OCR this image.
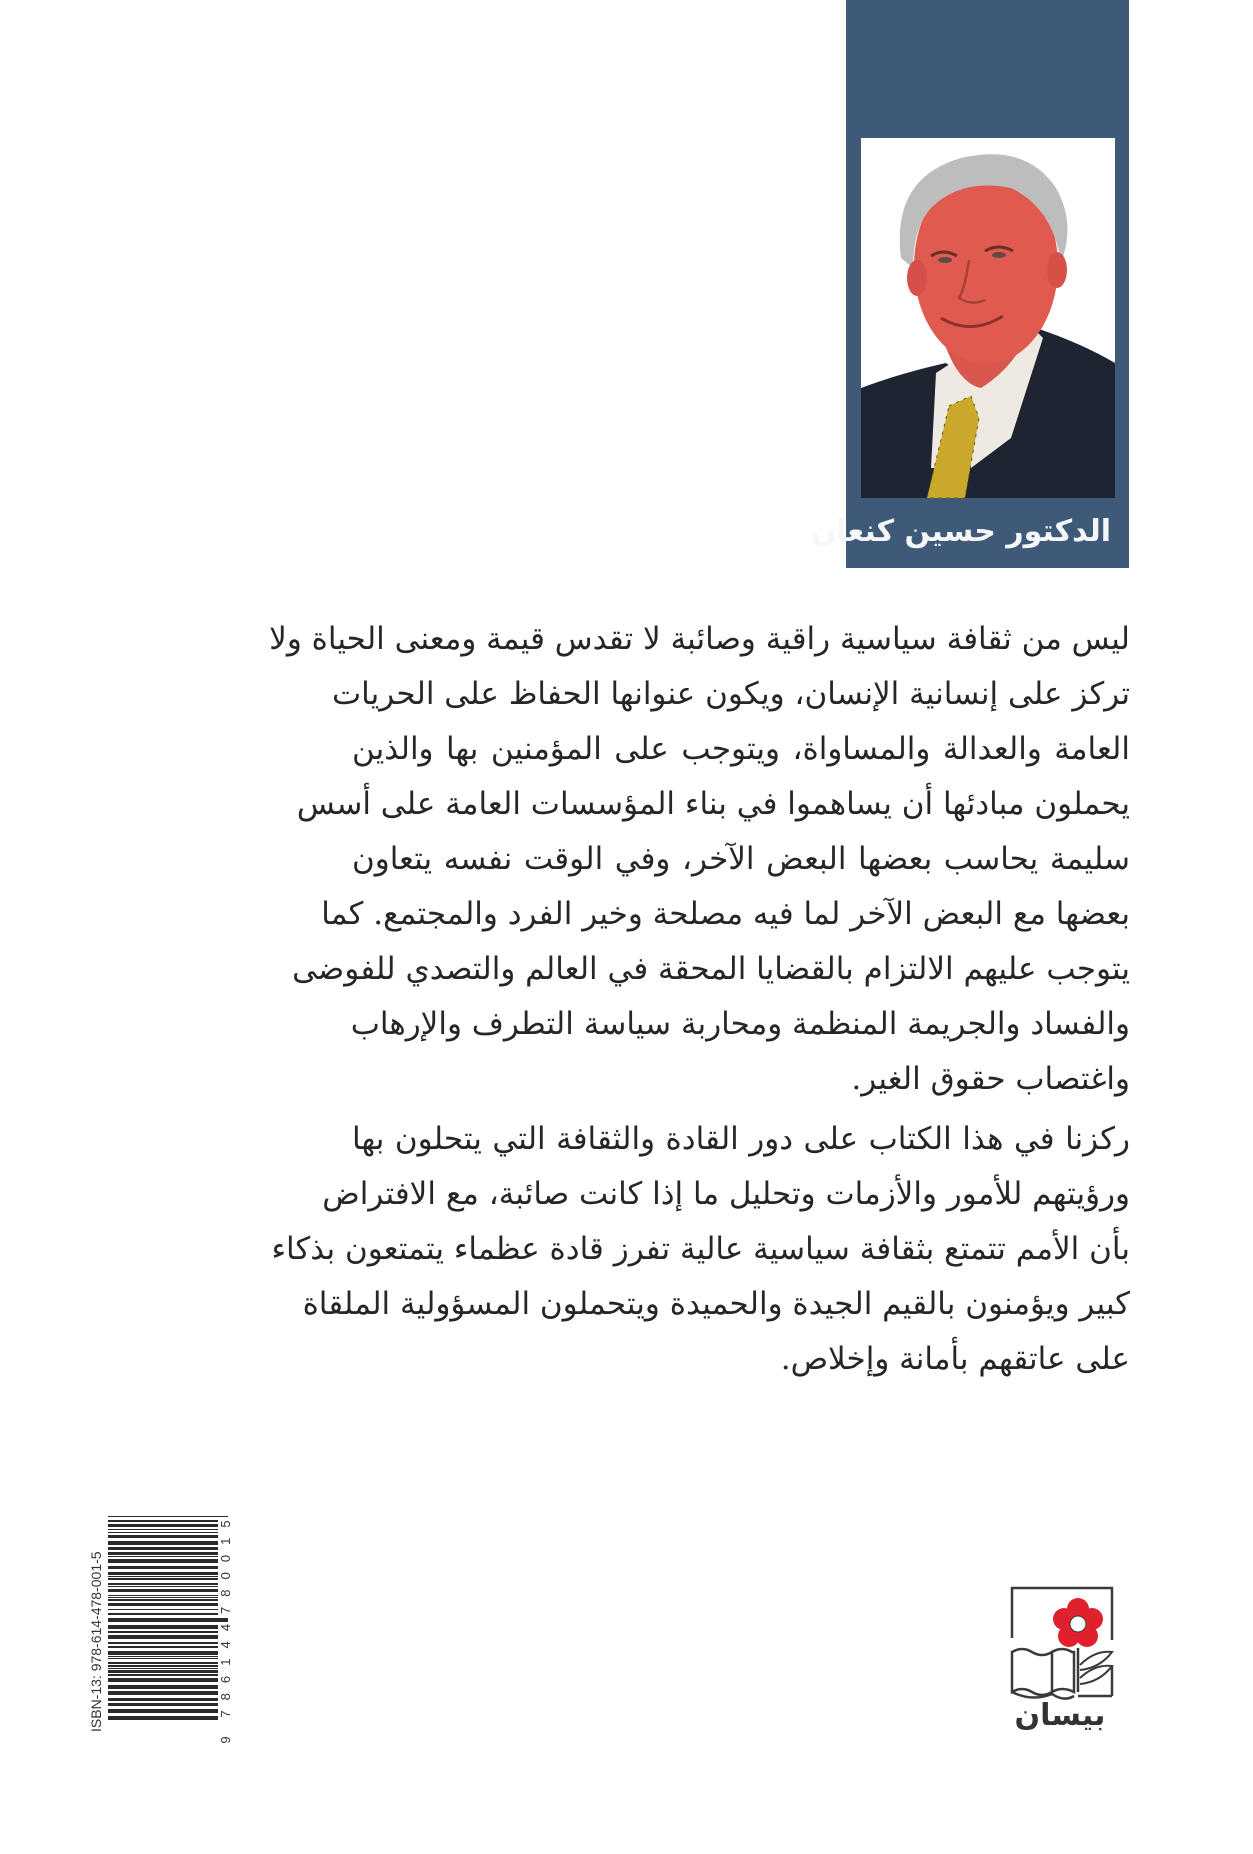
الدكتور حسين كنعان

ليس من ثقافة سياسية راقية وصائبة لا تقدس قيمة ومعنى الحياة ولا
تركز على إنسانية الإنسان، ويكون عنوانها الحفاظ على الحريات
العامة والعدالة والمساواة، ويتوجب على المؤمنين بها والذين
يحملون مبادئها أن يساهموا في بناء المؤسسات العامة على أسس
سليمة يحاسب بعضها البعض الآخر، وفي الوقت نفسه يتعاون
بعضها مع البعض الآخر لما فيه مصلحة وخير الفرد والمجتمع. كما
يتوجب عليهم الالتزام بالقضايا المحقة في العالم والتصدي للفوضى
والفساد والجريمة المنظمة ومحاربة سياسة التطرف والإرهاب
واغتصاب حقوق الغير.

ركزنا في هذا الكتاب على دور القادة والثقافة التي يتحلون بها
ورؤيتهم للأمور والأزمات وتحليل ما إذا كانت صائبة، مع الافتراض
بأن الأمم تتمتع بثقافة سياسية عالية تفرز قادة عظماء يتمتعون بذكاء
كبير ويؤمنون بالقيم الجيدة والحميدة ويتحملون المسؤولية الملقاة
على عاتقهم بأمانة وإخلاص.

ISBN-13: 978-614-478-001-5
5
1
0
0
8
7
4
4
1
6
8
7
9
بيسان
